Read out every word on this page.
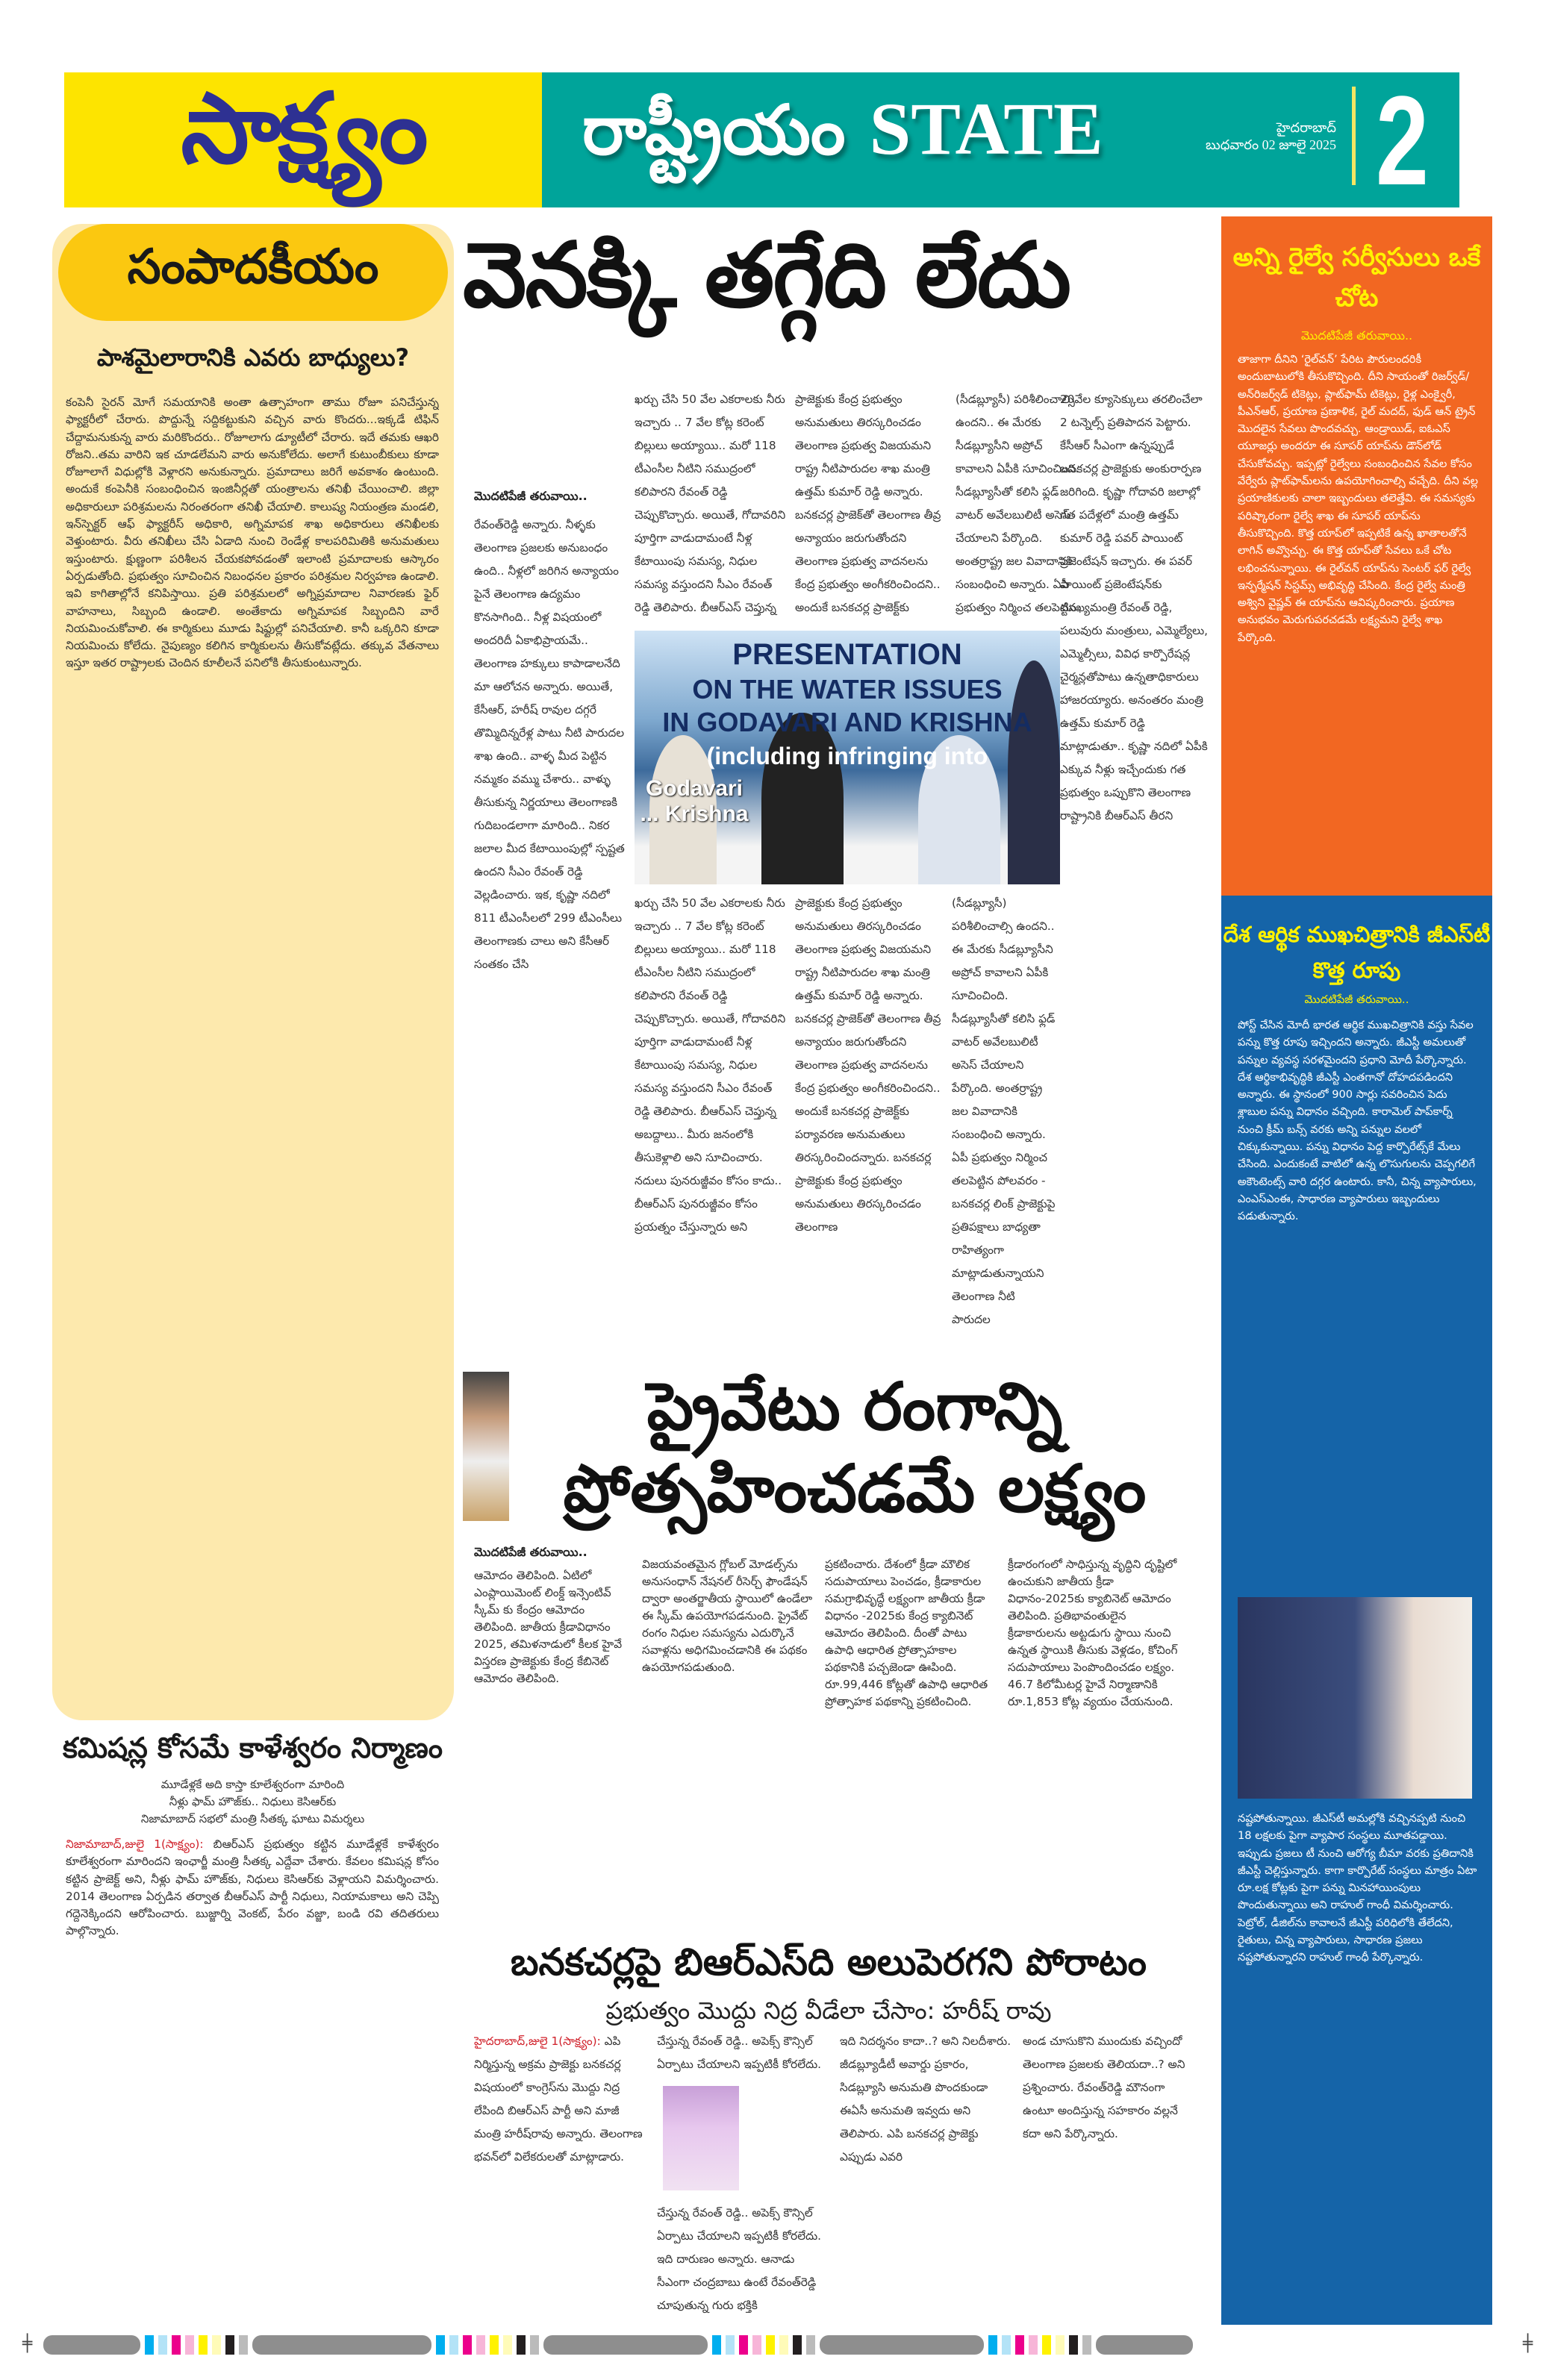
సాక్ష్యం రాష్ట్రీయం STATE	హైదరాబాద్
బుధవారం 02 జూలై 2025 2
సంపాదకీయం
పాశమైలారానికి ఎవరు బాధ్యులు?
కంపెనీ సైరన్ మోగే సమయానికి అంతా ఉత్సాహంగా తాము రోజూ పనిచేస్తున్న ఫ్యాక్టరీలో చేరారు. పొద్దున్నే సద్దికట్టుకుని వచ్చిన వారు కొందరు...ఇక్కడే టిఫిన్ చేద్దామనుకున్న వారు మరికొందరు.. రోజూలాగు డ్యూటీలో చేరారు. ఇదే తమకు ఆఖరి రోజని..తమ వారిని ఇక చూడలేమని వారు అనుకోలేదు. అలాగే కుటుంబీకులు కూడా రోజూలాగే విధుల్లోకి వెళ్లారని అనుకున్నారు. ప్రమాదాలు జరిగే అవకాశం ఉంటుంది. అందుకే కంపెనీకి సంబంధించిన ఇంజినీర్లతో యంత్రాలను తనిఖీ చేయించాలి. జిల్లా అధికారులూ పరిశ్రమలను నిరంతరంగా తనిఖీ చేయాలి. కాలుష్య నియంత్రణ మండలి, ఇన్‌స్పెక్టర్ ఆఫ్ ఫ్యాక్టరీస్ అధికారి, అగ్నిమాపక శాఖ అధికారులు తనిఖీలకు వెళ్తుంటారు. వీరు తనిఖీలు చేసి ఏడాది నుంచి రెండేళ్ల కాలపరిమితికి అనుమతులు ఇస్తుంటారు. క్షుణ్ణంగా పరిశీలన చేయకపోవడంతో ఇలాంటి ప్రమాదాలకు ఆస్కారం ఏర్పడుతోంది. ప్రభుత్వం సూచించిన నిబంధనల ప్రకారం పరిశ్రమల నిర్వహణ ఉండాలి. ఇవి కాగితాల్లోనే కనిపిస్తాయి. ప్రతి పరిశ్రమలలో అగ్నిప్రమాదాల నివారణకు ఫైర్ వాహనాలు, సిబ్బంది ఉండాలి. అంతేకాదు అగ్నిమాపక సిబ్బందిని వారే నియమించుకోవాలి. ఈ కార్మికులు మూడు షిఫ్టుల్లో పనిచేయాలి. కానీ ఒక్కరిని కూడా నియమించు కోలేదు. నైపుణ్యం కలిగిన కార్మికులను తీసుకోవట్లేదు. తక్కువ వేతనాలు ఇస్తూ ఇతర రాష్ట్రాలకు చెందిన కూలీలనే పనిలోకి తీసుకుంటున్నారు.
కమిషన్ల కోసమే కాళేశ్వరం నిర్మాణం
మూడేళ్లకే అది కాస్తా కూలేశ్వరంగా మారింది
నీళ్లు ఫామ్ హౌజ్‌కు.. నిధులు కెసిఆర్‌కు
నిజామాబాద్ సభలో మంత్రి సీతక్క ఘాటు విమర్శలు
నిజామాబాద్,జులై 1(సాక్ష్యం): బిఆర్ఎస్ ప్రభుత్వం కట్టిన మూడేళ్లకే కాళేశ్వరం కూలేశ్వరంగా మారిందని ఇంఛార్జీ మంత్రి సీతక్క ఎద్దేవా చేశారు. కేవలం కమిషన్ల కోసం కట్టిన ప్రాజెక్ట్ అని, నీళ్లు ఫామ్ హౌజ్‌కు, నిధులు కెసిఆర్‌కు వెళ్లాయని విమర్శించారు. 2014 తెలంగాణ ఏర్పడిన తర్వాత బీఆర్ఎస్ పార్టీ నిధులు, నియామకాలు అని చెప్పి గద్దెనెక్కిందని ఆరోపించారు. బుజ్జార్ని వెంకట్, పేరం వజ్జా, బండి రవి తదితరులు పాల్గొన్నారు.
వెనక్కి తగ్గేది లేదు
మొదటిపేజీ తరువాయి..
రేవంత్‌రెడ్డి అన్నారు. నీళ్ళకు తెలంగాణ ప్రజలకు అనుబంధం ఉంది.. నీళ్లలో జరిగిన అన్యాయం పైనే తెలంగాణ ఉద్యమం కొనసాగింది.. నీళ్ల విషయంలో అందరిదీ ఏకాభిప్రాయమే.. తెలంగాణ హక్కులు కాపాడాలనేది మా ఆలోచన అన్నారు. అయితే, కేసీఆర్, హరీష్ రావుల దగ్గరే తొమ్మిదిన్నరేళ్ల పాటు నీటి పారుదల శాఖ ఉంది.. వాళ్ళ మీద పెట్టిన నమ్మకం వమ్ము చేశారు.. వాళ్ళు తీసుకున్న నిర్ణయాలు తెలంగాణకి గుదిబండలాగా మారింది.. నికర జలాల మీద కేటాయింపుల్లో స్పష్టత ఉందని సీఎం రేవంత్ రెడ్డి వెల్లడించారు. ఇక, కృష్ణా నదిలో 811 టీఎంసీలలో 299 టీఎంసీలు తెలంగాణకు చాలు అని కేసీఆర్ సంతకం చేసి
ఖర్చు చేసి 50 వేల ఎకరాలకు నీరు ఇచ్చారు .. 7 వేల కోట్ల కరెంట్ బిల్లులు అయ్యాయి.. మరో 118 టీఎంసీల నీటిని సముద్రంలో కలిపారని రేవంత్ రెడ్డి చెప్పుకొచ్చారు. అయితే, గోదావరిని పూర్తిగా వాడుదామంటే నీళ్ల కేటాయింపు సమస్య, నిధుల సమస్య వస్తుందని సీఎం రేవంత్ రెడ్డి తెలిపారు. బీఆర్ఎస్ చెప్తున్న
ప్రాజెక్టుకు కేంద్ర ప్రభుత్వం అనుమతులు తిరస్కరించడం తెలంగాణ ప్రభుత్వ విజయమని రాష్ట్ర నీటిపారుదల శాఖ మంత్రి ఉత్తమ్ కుమార్ రెడ్డి అన్నారు. బనకచర్ల ప్రాజెక్‌తో తెలంగాణ తీవ్ర అన్యాయం జరుగుతోందని తెలంగాణ ప్రభుత్వ వాదనలను కేంద్ర ప్రభుత్వం అంగీకరించిందని.. అందుకే బనకచర్ల ప్రాజెక్ట్‌కు
(సీడబ్ల్యూసీ) పరిశీలించాల్సి ఉందని.. ఈ మేరకు సీడబ్ల్యూసీని అప్రోచ్ కావాలని ఏపీకి సూచించింది. సీడబ్ల్యూసీతో కలిసి ఫ్లడ్ వాటర్ అవేలబులిటీ అసెస్ చేయాలని పేర్కొంది. అంతర్రాష్ట్ర జల వివాదానికి సంబంధించి అన్నారు. ఏపీ ప్రభుత్వం నిర్మించ తలపెట్టిన
20వేల క్యూసెక్కులు తరలించేలా 2 టన్నెల్స్ ప్రతిపాదన పెట్టారు. కేసీఆర్ సీఎంగా ఉన్నప్పుడే బనకచర్ల ప్రాజెక్టుకు అంకురార్పణ జరిగింది. కృష్ణా గోదావరి జలాల్లో గత పదేళ్లలో మంత్రి ఉత్తమ్ కుమార్ రెడ్డి పవర్ పాయింట్ ప్రజెంటేషన్ ఇచ్చారు. ఈ పవర్ పాయింట్ ప్రజెంటేషన్‌కు ముఖ్యమంత్రి రేవంత్ రెడ్డి, పలువురు మంత్రులు, ఎమ్మెల్యేలు, ఎమ్మెల్సీలు, వివిధ కార్పొరేషన్ల చైర్మన్లతోపాటు ఉన్నతాధికారులు హాజరయ్యారు. అనంతరం మంత్రి ఉత్తమ్ కుమార్ రెడ్డి మాట్లాడుతూ.. కృష్ణా నదిలో ఏపీకి ఎక్కువ నీళ్లు ఇచ్చేందుకు గత ప్రభుత్వం ఒప్పుకొని తెలంగాణ రాష్ట్రానికి బీఆర్ఎస్ తీరని
PRESENTATION
ON THE WATER ISSUES
IN GODAVARI AND KRISHNA
(including infringing into
Godavari ... Krishna
ఖర్చు చేసి 50 వేల ఎకరాలకు నీరు ఇచ్చారు .. 7 వేల కోట్ల కరెంట్ బిల్లులు అయ్యాయి.. మరో 118 టీఎంసీల నీటిని సముద్రంలో కలిపారని రేవంత్ రెడ్డి చెప్పుకొచ్చారు. అయితే, గోదావరిని పూర్తిగా వాడుదామంటే నీళ్ల కేటాయింపు సమస్య, నిధుల సమస్య వస్తుందని సీఎం రేవంత్ రెడ్డి తెలిపారు. బీఆర్ఎస్ చెప్తున్న అబద్దాలు.. మీరు జనంలోకి తీసుకెళ్లాలి అని సూచించారు. నదులు పునరుజ్జీవం కోసం కాదు.. బీఆర్ఎస్ పునరుజ్జీవం కోసం ప్రయత్నం చేస్తున్నారు అని
ప్రాజెక్టుకు కేంద్ర ప్రభుత్వం అనుమతులు తిరస్కరించడం తెలంగాణ ప్రభుత్వ విజయమని రాష్ట్ర నీటిపారుదల శాఖ మంత్రి ఉత్తమ్ కుమార్ రెడ్డి అన్నారు. బనకచర్ల ప్రాజెక్‌తో తెలంగాణ తీవ్ర అన్యాయం జరుగుతోందని తెలంగాణ ప్రభుత్వ వాదనలను కేంద్ర ప్రభుత్వం అంగీకరించిందని.. అందుకే బనకచర్ల ప్రాజెక్ట్‌కు పర్యావరణ అనుమతులు తిరస్కరించిందన్నారు. బనకచర్ల ప్రాజెక్టుకు కేంద్ర ప్రభుత్వం అనుమతులు తిరస్కరించడం తెలంగాణ
(సీడబ్ల్యూసీ) పరిశీలించాల్సి ఉందని.. ఈ మేరకు సీడబ్ల్యూసీని అప్రోచ్ కావాలని ఏపీకి సూచించింది. సీడబ్ల్యూసీతో కలిసి ఫ్లడ్ వాటర్ అవేలబులిటీ అసెస్ చేయాలని పేర్కొంది. అంతర్రాష్ట్ర జల వివాదానికి సంబంధించి అన్నారు. ఏపీ ప్రభుత్వం నిర్మించ తలపెట్టిన పోలవరం - బనకచర్ల లింక్ ప్రాజెక్టుపై ప్రతిపక్షాలు బాధ్యతా రాహిత్యంగా మాట్లాడుతున్నాయని తెలంగాణ నీటి పారుదల
ప్రైవేటు రంగాన్ని
ప్రోత్సహించడమే లక్ష్యం
మొదటిపేజీ తరువాయి..
ఆమోదం తెలిపింది. ఏటిలో ఎంప్లాయిమెంట్ లింక్డ్ ఇన్సెంటివ్ స్కీమ్ కు కేంద్రం ఆమోదం తెలిపింది. జాతీయ క్రీడావిధానం 2025, తమిళనాడులో కీలక హైవే విస్తరణ ప్రాజెక్టుకు కేంద్ర కేబినెట్ ఆమోదం తెలిపింది.
విజయవంతమైన గ్లోబల్ మోడల్స్‌ను అనుసంధాన్ నేషనల్ రీసెర్చ్ ఫౌండేషన్ ద్వారా అంతర్జాతీయ స్థాయిలో ఉండేలా ఈ స్కీమ్ ఉపయోగపడనుంది. ప్రైవేట్ రంగం నిధుల సమస్యను ఎదుర్కొనే సవాళ్లను అధిగమించడానికి ఈ పథకం ఉపయోగపడుతుంది.
ప్రకటించారు. దేశంలో క్రీడా మౌలిక సదుపాయాలు పెంచడం, క్రీడాకారుల సమగ్రాభివృద్ధే లక్ష్యంగా జాతీయ క్రీడా విధానం -2025కు కేంద్ర క్యాబినెట్ ఆమోదం తెలిపింది. దీంతో పాటు ఉపాధి ఆధారిత ప్రోత్సాహకాల పథకానికి పచ్చజెండా ఊపింది. రూ.99,446 కోట్లతో ఉపాధి ఆధారిత ప్రోత్సాహక పథకాన్ని ప్రకటించింది.
క్రీడారంగంలో సాధిస్తున్న వృద్ధిని దృష్టిలో ఉంచుకుని జాతీయ క్రీడా విధానం-2025కు క్యాబినెట్ ఆమోదం తెలిపింది. ప్రతిభావంతులైన క్రీడాకారులను అట్టడుగు స్థాయి నుంచి ఉన్నత స్థాయికి తీసుకు వెళ్లడం, కోచింగ్ సదుపాయాలు పెంపొందించడం లక్ష్యం. 46.7 కిలోమీటర్ల హైవే నిర్మాణానికి రూ.1,853 కోట్ల వ్యయం చేయనుంది.
బనకచర్లపై బిఆర్‌ఎస్‌ది అలుపెరగని పోరాటం
ప్రభుత్వం మొద్దు నిద్ర వీడేలా చేసాం: హరీష్ రావు
హైదరాబాద్,జులై 1(సాక్ష్యం): ఎపి నిర్మిస్తున్న అక్రమ ప్రాజెక్టు బనకచర్ల విషయంలో కాంగ్రెస్‌ను మొద్దు నిద్ర లేపింది బిఆర్ఎస్ పార్టీ అని మాజీ మంత్రి హరీష్‌రావు అన్నారు. తెలంగాణ భవన్‌లో విలేకరులతో మాట్లాడారు.
చేస్తున్న రేవంత్ రెడ్డి.. అపెక్స్ కౌన్సిల్ ఏర్పాటు చేయాలని ఇప్పటికీ కోరలేదు.
చేస్తున్న రేవంత్ రెడ్డి.. అపెక్స్ కౌన్సిల్ ఏర్పాటు చేయాలని ఇప్పటికీ కోరలేదు. ఇది దారుణం అన్నారు. ఆనాడు సీఎంగా చంద్రబాబు ఉంటే రేవంత్‌రెడ్డి చూపుతున్న గురు భక్తికి
ఇది నిదర్శనం కాదా..? అని నిలదీశారు. జీడబ్ల్యూడీటీ అవార్డు ప్రకారం, సిడబ్ల్యూసి అనుమతి పొందకుండా ఈఏసీ అనుమతి ఇవ్వదు అని తెలిపారు. ఎపి బనకచర్ల ప్రాజెక్టు ఎప్పుడు ఎవరి
అండ చూసుకొని ముందుకు వచ్చిందో తెలంగాణ ప్రజలకు తెలియదా..? అని ప్రశ్నించారు. రేవంత్‌రెడ్డి మౌనంగా ఉంటూ అందిస్తున్న సహకారం వల్లనే కదా అని పేర్కొన్నారు.
అన్ని రైల్వే సర్వీసులు ఒకే చోట
మొదటిపేజీ తరువాయి..
తాజాగా దీనిని ‘రైల్‌వన్’ పేరిట పౌరులందరికీ అందుబాటులోకి తీసుకొచ్చింది. దీని సాయంతో రిజర్వ్‌డ్/ అన్‌రిజర్వ్‌డ్ టికెట్లు, ప్లాట్‌ఫామ్ టికెట్లు, రైళ్ల ఎంక్వైరీ, పీఎన్ఆర్, ప్రయాణ ప్రణాళిక, రైల్ మదద్, ఫుడ్ ఆన్ ట్రైన్ మొదలైన సేవలు పొందవచ్చు. ఆండ్రాయిడ్, ఐఓఎస్ యూజర్లు అందరూ ఈ సూపర్ యాప్‌ను డౌన్‌లోడ్ చేసుకోవచ్చు. ఇప్పట్లో రైల్వేలు సంబంధించిన సేవల కోసం వేర్వేరు ప్లాట్‌ఫామ్‌లను ఉపయోగించాల్సి వచ్చేది. దీని వల్ల ప్రయాణికులకు చాలా ఇబ్బందులు తలెత్తేవి. ఈ సమస్యకు పరిష్కారంగా రైల్వే శాఖ ఈ సూపర్ యాప్‌ను తీసుకొచ్చింది. కొత్త యాప్‌లో ఇప్పటికే ఉన్న ఖాతాలతోనే లాగిన్ అవ్వొచ్చు. ఈ కొత్త యాప్‌తో సేవలు ఒకే చోట లభించనున్నాయి. ఈ రైల్‌వన్ యాప్‌ను సెంటర్ ఫర్ రైల్వే ఇన్ఫర్మేషన్ సిస్టమ్స్ అభివృద్ధి చేసింది. కేంద్ర రైల్వే మంత్రి అశ్విని వైష్ణవ్ ఈ యాప్‌ను ఆవిష్కరించారు. ప్రయాణ అనుభవం మెరుగుపరచడమే లక్ష్యమని రైల్వే శాఖ పేర్కొంది.
దేశ ఆర్థిక ముఖచిత్రానికి జీఎస్‌టీ కొత్త రూపు
మొదటిపేజీ తరువాయి..
పోస్ట్ చేసిన మోదీ భారత ఆర్థిక ముఖచిత్రానికి వస్తు సేవల పన్ను కొత్త రూపు ఇచ్చిందని అన్నారు. జీఎస్టీ అమలుతో పన్నుల వ్యవస్థ సరళమైందని ప్రధాని మోదీ పేర్కొన్నారు. దేశ ఆర్థికాభివృద్ధికి జీఎస్టీ ఎంతగానో దోహదపడిందని అన్నారు. ఈ స్థానంలో 900 సార్లు సవరించిన పెదు శ్లాబుల పన్ను విధానం వచ్చింది. కారామెల్ పాప్‌కార్న్ నుంచి క్రీమ్ బన్స్ వరకు అన్ని పన్నుల వలలో చిక్కుకున్నాయి. పన్ను విధానం పెద్ద కార్పొరేట్స్‌కే మేలు చేసింది. ఎందుకంటే వాటిలో ఉన్న లొసుగులను చెప్పగలిగే అకౌంటెంట్స్ వారి దగ్గర ఉంటారు. కానీ, చిన్న వ్యాపారులు, ఎంఎస్ఎంఈ, సాధారణ వ్యాపారులు ఇబ్బందులు పడుతున్నారు.
నష్టపోతున్నాయి. జీఎస్‌టీ అమల్లోకి వచ్చినప్పటి నుంచి 18 లక్షలకు పైగా వ్యాపార సంస్థలు మూతపడ్డాయి. ఇప్పుడు ప్రజలు టీ నుంచి ఆరోగ్య బీమా వరకు ప్రతిదానికి జీఎస్టీ చెల్లిస్తున్నారు. కాగా కార్పొరేట్ సంస్థలు మాత్రం ఏటా రూ.లక్ష కోట్లకు పైగా పన్ను మినహాయింపులు పొందుతున్నాయి అని రాహుల్ గాంధీ విమర్శించారు. పెట్రోల్, డీజిల్‌ను కావాలనే జీఎస్టీ పరిధిలోకి తేలేదని, రైతులు, చిన్న వ్యాపారులు, సాధారణ ప్రజలు నష్టపోతున్నారని రాహుల్ గాంధీ పేర్కొన్నారు.
╪	╪
